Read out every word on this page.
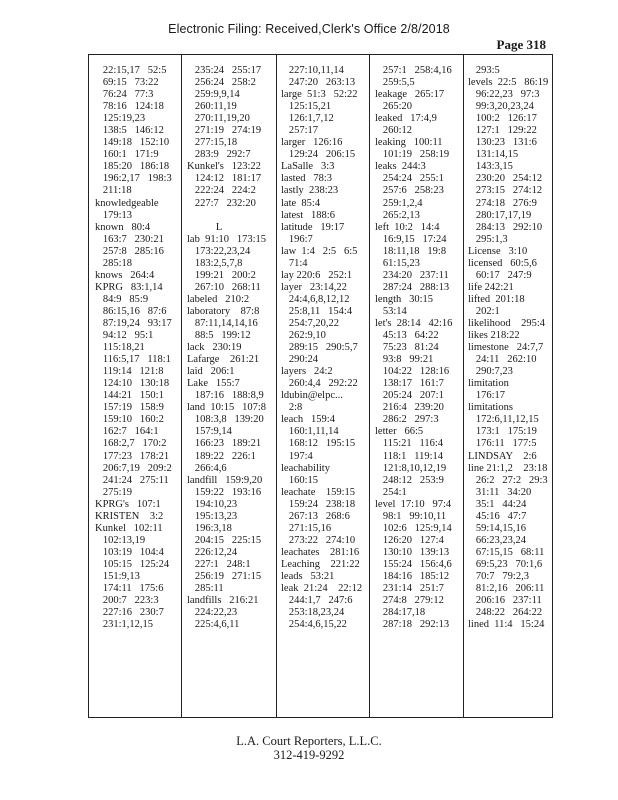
Electronic Filing: Received,Clerk's Office 2/8/2018
Page 318
22:15,17   52:5
69:15   73:22
76:24   77:3
78:16   124:18
125:19,23
138:5   146:12
149:18   152:10
160:1   171:9
185:20   186:18
196:2,17   198:3
211:18
knowledgeable
179:13
known   80:4
163:7   230:21
257:8   285:16
285:18
knows   264:4
KPRG   83:1,14
84:9   85:9
86:15,16   87:6
87:19,24   93:17
94:12   95:1
115:18,21
116:5,17   118:1
119:14   121:8
124:10   130:18
144:21   150:1
157:19   158:9
159:10   160:2
162:7   164:1
168:2,7   170:2
177:23   178:21
206:7,19   209:2
241:24   275:11
275:19
KPRG's   107:1
KRISTEN    3:2
Kunkel   102:11
102:13,19
103:19   104:4
105:15   125:24
151:9,13
174:11   175:6
200:7   223:3
227:16   230:7
231:1,12,15
235:24   255:17
256:24   258:2
259:9,9,14
260:11,19
270:11,19,20
271:19   274:19
277:15,18
283:9   292:7
Kunkel's   123:22
124:12   181:17
222:24   224:2
227:7   232:20
L
lab  91:10   173:15
173:22,23,24
183:2,5,7,8
199:21   200:2
267:10   268:11
labeled   210:2
laboratory    87:8
87:11,14,14,16
88:5   199:12
lack   230:19
Lafarge    261:21
laid   206:1
Lake   155:7
187:16   188:8,9
land  10:15   107:8
108:3,8   139:20
157:9,14
166:23   189:21
189:22   226:1
266:4,6
landfill   159:9,20
159:22   193:16
194:10,23
195:13,23
196:3,18
204:15   225:15
226:12,24
227:1   248:1
256:19   271:15
285:11
landfills   216:21
224:22,23
225:4,6,11
227:10,11,14
247:20   263:13
large  51:3   52:22
125:15,21
126:1,7,12
257:17
larger   126:16
129:24   206:15
LaSalle   3:3
lasted   78:3
lastly  238:23
late  85:4
latest   188:6
latitude   19:17
196:7
law  1:4   2:5   6:5
71:4
lay 220:6   252:1
layer   23:14,22
24:4,6,8,12,12
25:8,11   154:4
254:7,20,22
262:9,10
289:15   290:5,7
290:24
layers   24:2
260:4,4   292:22
ldubin@elpc...
2:8
leach   159:4
160:1,11,14
168:12   195:15
197:4
leachability
160:15
leachate    159:15
159:24   238:18
267:13   268:6
271:15,16
273:22   274:10
leachates    281:16
Leaching    221:22
leads   53:21
leak  21:24    22:12
244:1,7   247:6
253:18,23,24
254:4,6,15,22
257:1   258:4,16
259:5,5
leakage   265:17
265:20
leaked   17:4,9
260:12
leaking   100:11
101:19   258:19
leaks  244:3
254:24   255:1
257:6   258:23
259:1,2,4
265:2,13
left  10:2   14:4
16:9,15   17:24
18:11,18   19:8
61:15,23
234:20   237:11
287:24   288:13
length   30:15
53:14
let's  28:14   42:16
45:13   64:22
75:23   81:24
93:8   99:21
104:22   128:16
138:17   161:7
205:24   207:1
216:4   239:20
286:2   297:3
letter   66:5
115:21   116:4
118:1   119:14
121:8,10,12,19
248:12   253:9
254:1
level  17:10   97:4
98:1   99:10,11
102:6   125:9,14
126:20   127:4
130:10   139:13
155:24   156:4,6
184:16   185:12
231:14   251:7
274:8   279:12
284:17,18
287:18   292:13
293:5
levels  22:5   86:19
96:22,23   97:3
99:3,20,23,24
100:2   126:17
127:1   129:22
130:23   131:6
131:14,15
143:3,15
230:20   254:12
273:15   274:12
274:18   276:9
280:17,17,19
284:13   292:10
295:1,3
License   3:10
licensed   60:5,6
60:17   247:9
life 242:21
lifted  201:18
202:1
likelihood    295:4
likes 218:22
limestone   24:7,7
24:11   262:10
290:7,23
limitation
176:17
limitations
172:6,11,12,15
173:1   175:19
176:11   177:5
LINDSAY    2:6
line 21:1,2    23:18
26:2   27:2   29:3
31:11   34:20
35:1   44:24
45:16   47:7
59:14,15,16
66:23,23,24
67:15,15   68:11
69:5,23   70:1,6
70:7   79:2,3
81:2,16   206:11
206:16   237:11
248:22   264:22
lined  11:4   15:24
L.A. Court Reporters, L.L.C.
312-419-9292
